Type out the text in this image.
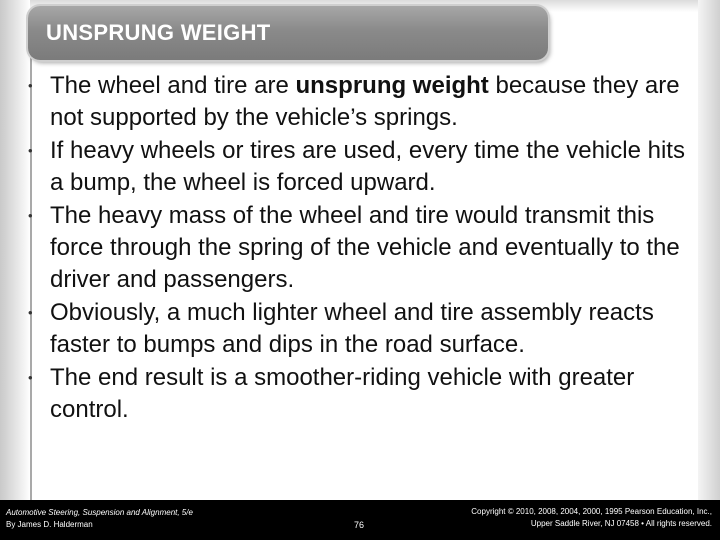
UNSPRUNG WEIGHT
• The wheel and tire are unsprung weight because they are not supported by the vehicle’s springs.
• If heavy wheels or tires are used, every time the vehicle hits a bump, the wheel is forced upward.
• The heavy mass of the wheel and tire would transmit this force through the spring of the vehicle and eventually to the driver and passengers.
• Obviously, a much lighter wheel and tire assembly reacts faster to bumps and dips in the road surface.
• The end result is a smoother-riding vehicle with greater control.
Automotive Steering, Suspension and Alignment, 5/e
By James D. Halderman	76
Copyright © 2010, 2008, 2004, 2000, 1995 Pearson Education, Inc.,
Upper Saddle River, NJ 07458 • All rights reserved.
